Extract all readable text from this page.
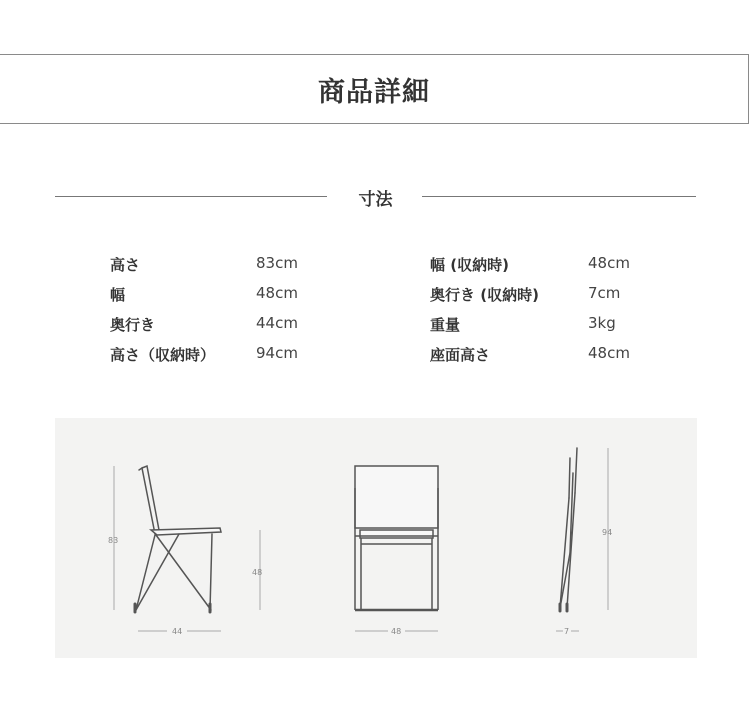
商品詳細
寸法
高さ	83cm
幅	48cm
奥行き	44cm
高さ（収納時）	94cm
幅 (収納時)	48cm
奥行き (収納時)	7cm
重量	3kg
座面高さ	48cm
83
48
44	48
94
7
